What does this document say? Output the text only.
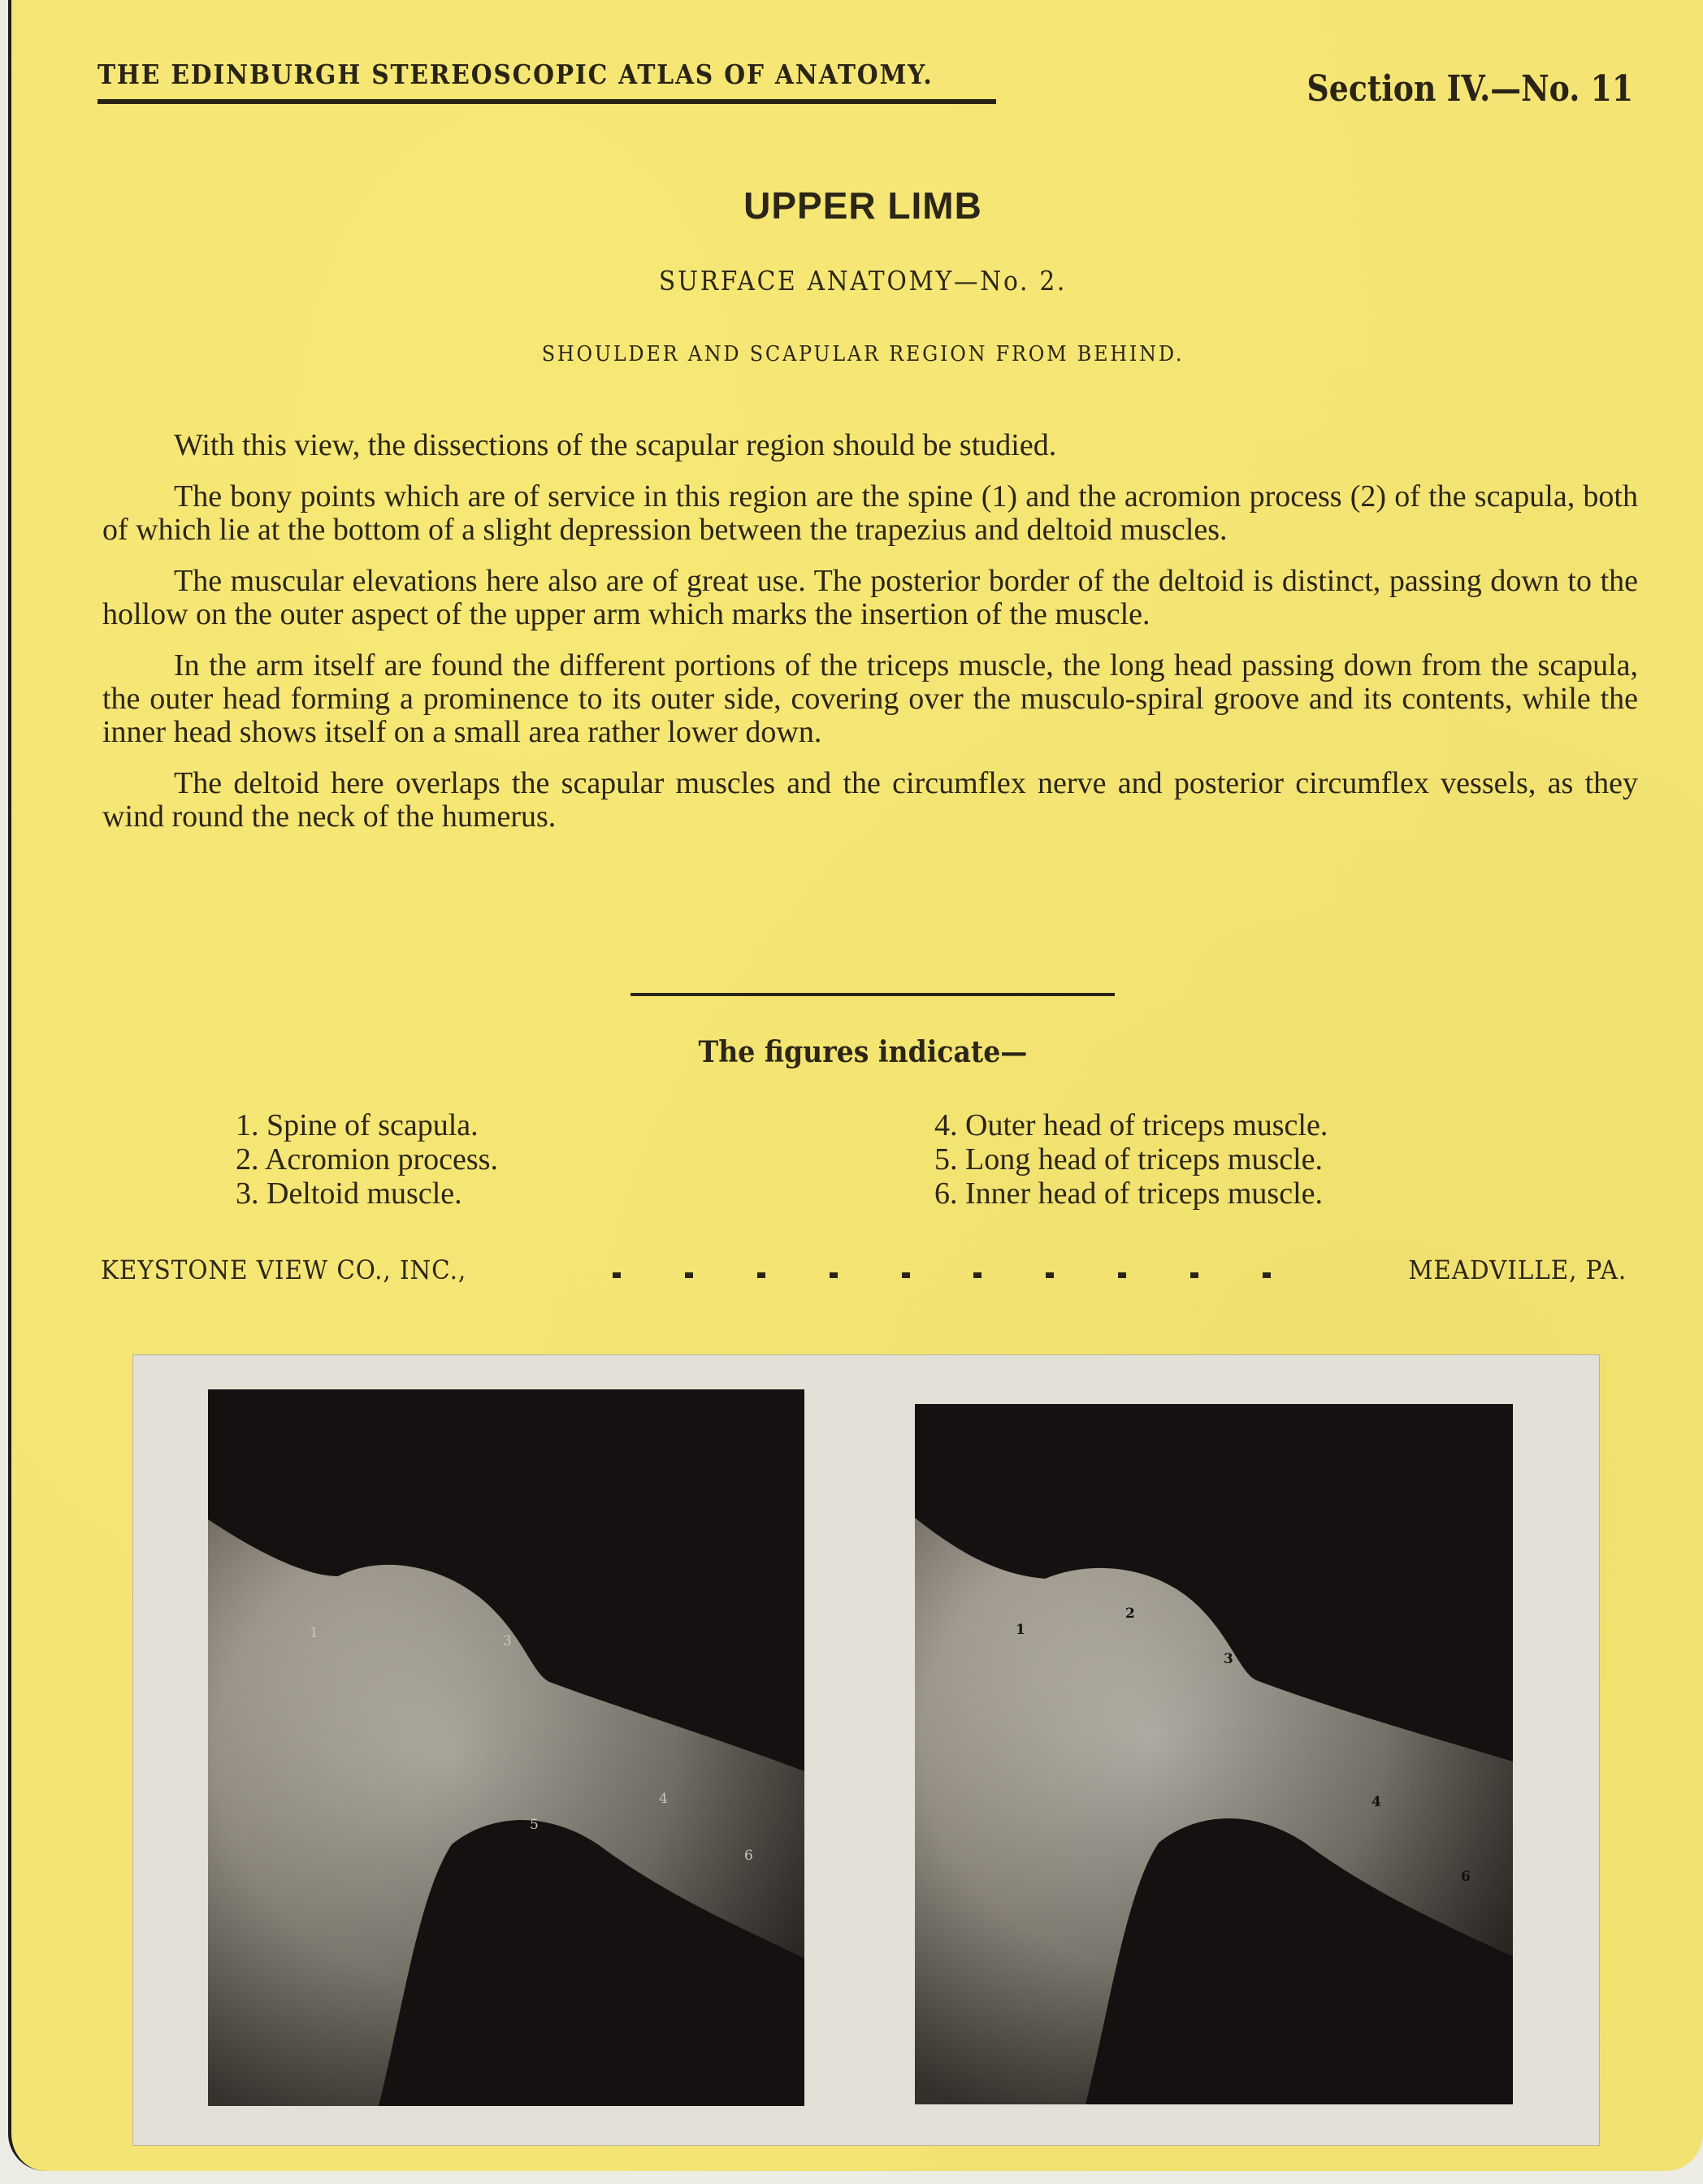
THE EDINBURGH STEREOSCOPIC ATLAS OF ANATOMY.	Section IV.—No. 11
UPPER LIMB
SURFACE ANATOMY—No. 2.
SHOULDER AND SCAPULAR REGION FROM BEHIND.

With this view, the dissections of the scapular region should be studied.

The bony points which are of service in this region are the spine (1) and the acromion process (2) of the scapula, both of which lie at the bottom of a slight depression between the trapezius and deltoid muscles.

The muscular elevations here also are of great use. The posterior border of the deltoid is distinct, passing down to the hollow on the outer aspect of the upper arm which marks the insertion of the muscle.

In the arm itself are found the different portions of the triceps muscle, the long head passing down from the scapula, the outer head forming a prominence to its outer side, covering over the musculo-spiral groove and its contents, while the inner head shows itself on a small area rather lower down.

The deltoid here overlaps the scapular muscles and the circumflex nerve and posterior circumflex vessels, as they wind round the neck of the humerus.

The figures indicate—
1. Spine of scapula.
2. Acromion process.
3. Deltoid muscle.
4. Outer head of triceps muscle.
5. Long head of triceps muscle.
6. Inner head of triceps muscle.
KEYSTONE VIEW CO., INC.,	MEADVILLE, PA.
1	3
4
5
6
1
2
3
4
5
6
